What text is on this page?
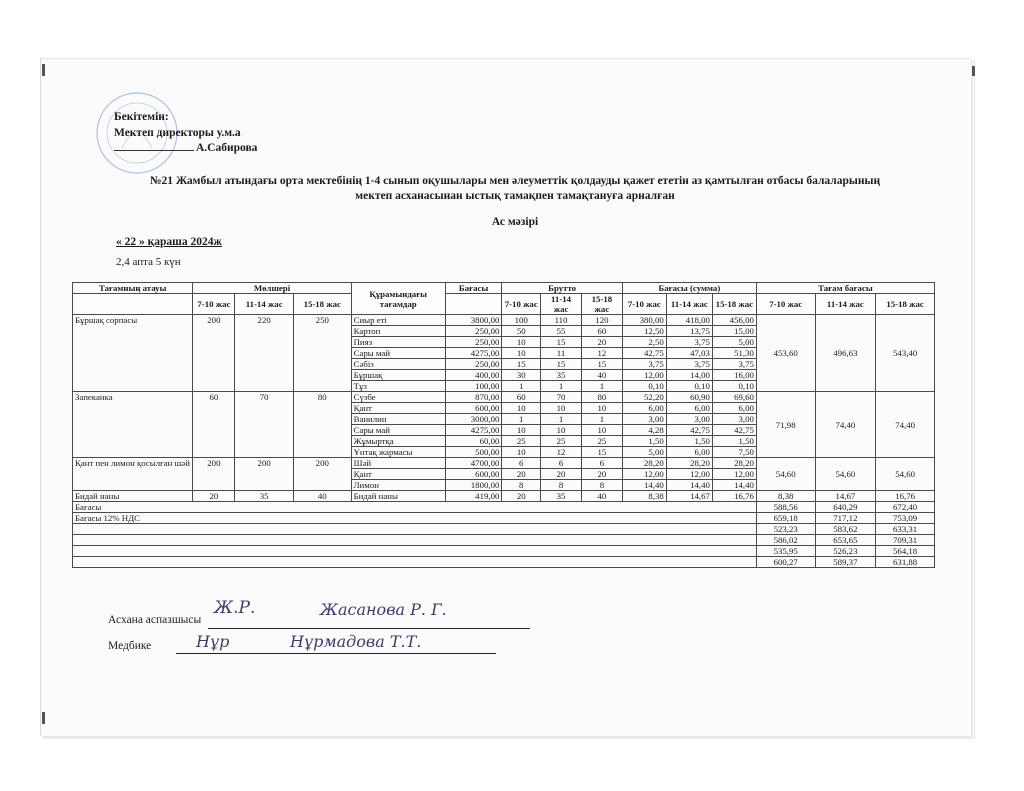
Бекітемін:
Мектеп директоры у.м.а
А.Сабирова
№21 Жамбыл атындағы орта мектебінің 1-4 сынып оқушылары мен әлеуметтік қолдауды қажет ететін аз қамтылған отбасы балаларының
мектеп асханасынан ыстық тамақпен тамақтануға арналған
Ас мәзірі
« 22 » қараша 2024ж
2,4 апта 5 күн
Тағамның атауы	Мөлшері			Құрамындағы тағамдар	Бағасы	Брутто			Бағасы (сумма)			Тағам бағасы		
	7-10 жас	11-14 жас	15-18 жас			7-10 жас	11-14 жас	15-18 жас	7-10 жас	11-14 жас	15-18 жас	7-10 жас	11-14 жас	15-18 жас

Бұршақ сорпасы	200	220	250	Сиыр еті	3800,00	100	110	120	380,00	418,00	456,00	453,60	496,63	543,40
				Картоп	250,00	50	55	60	12,50	13,75	15,00			
				Пияз	250,00	10	15	20	2,50	3,75	5,00			
				Сары май	4275,00	10	11	12	42,75	47,03	51,30			
				Сәбіз	250,00	15	15	15	3,75	3,75	3,75			
				Бұршақ	400,00	30	35	40	12,00	14,00	16,00			
				Тұз	100,00	1	1	1	0,10	0,10	0,10			
Запеканка	60	70	80	Сүзбе	870,00	60	70	80	52,20	60,90	69,60	71,98	74,40	74,40
				Қант	600,00	10	10	10	6,00	6,00	6,00			
				Ванилин	3000,00	1	1	1	3,00	3,00	3,00			
				Сары май	4275,00	10	10	10	4,28	42,75	42,75			
				Жұмыртқа	60,00	25	25	25	1,50	1,50	1,50			
				Ұнтақ жармасы	500,00	10	12	15	5,00	6,00	7,50			
Қант пен лимон қосылған шәй	200	200	200	Шәй	4700,00	6	6	6	28,20	28,20	28,20	54,60	54,60	54,60
				Қант	600,00	20	20	20	12,00	12,00	12,00			
				Лимон	1800,00	8	8	8	14,40	14,40	14,40			
Бидай наны	20	35	40	Бидай наны	419,00	20	35	40	8,38	14,67	16,76	8,38	14,67	16,76
Бағасы												588,56	640,29	672,40
Бағасы 12% НДС												659,18	717,12	753,09
												523,23	583,62	633,31
												586,02	653,65	709,31
												535,95	526,23	564,18
												600,27	589,37	631,88
Асхана аспазшысы
Ж.Р.	Жасанова Р. Г.
Медбике	Нұр	Нұрмадова Т.Т.
